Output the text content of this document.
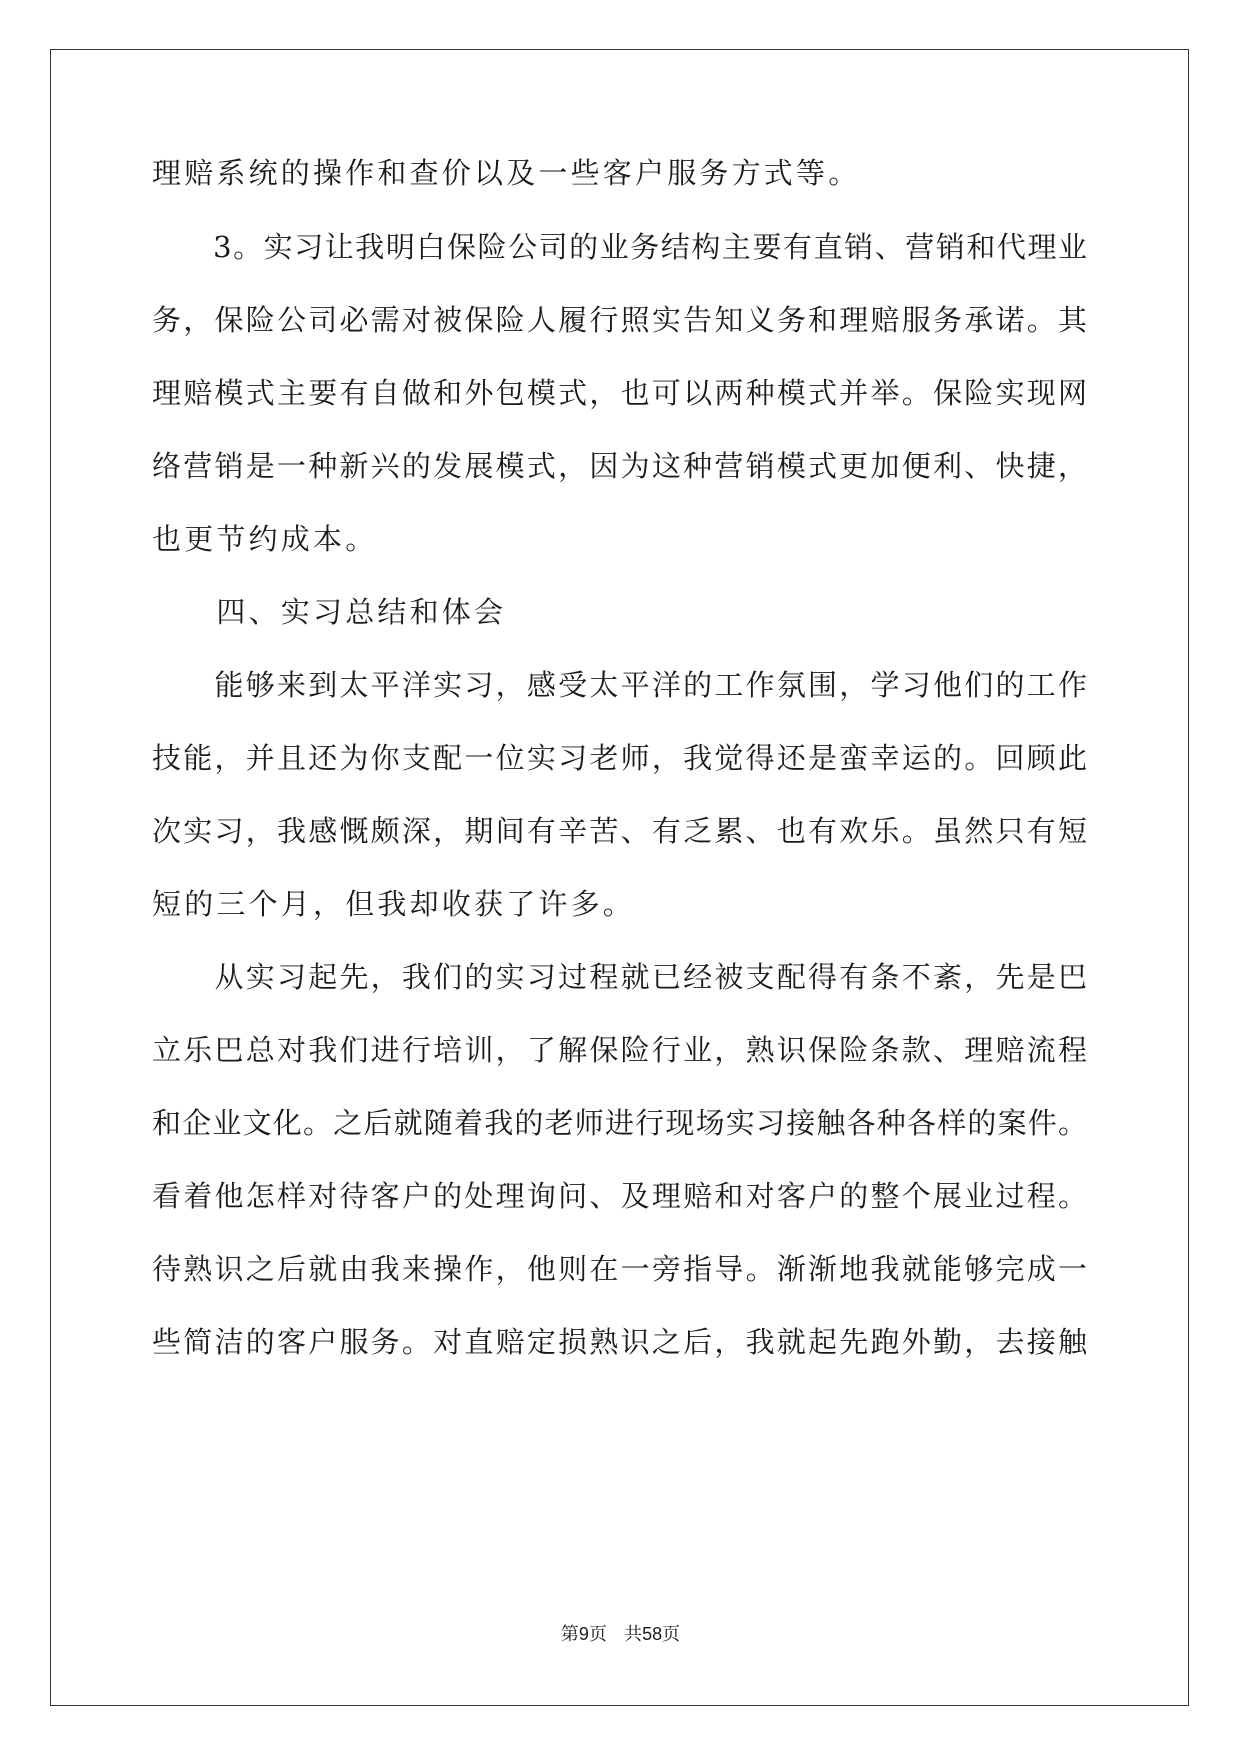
理赔系统的操作和查价以及一些客户服务方式等。
　　3。实习让我明白保险公司的业务结构主要有直销、营销和代理业
务，保险公司必需对被保险人履行照实告知义务和理赔服务承诺。其
理赔模式主要有自做和外包模式，也可以两种模式并举。保险实现网
络营销是一种新兴的发展模式，因为这种营销模式更加便利、快捷，
也更节约成本。
　　四、实习总结和体会
　　能够来到太平洋实习，感受太平洋的工作氛围，学习他们的工作
技能，并且还为你支配一位实习老师，我觉得还是蛮幸运的。回顾此
次实习，我感慨颇深，期间有辛苦、有乏累、也有欢乐。虽然只有短
短的三个月，但我却收获了许多。
　　从实习起先，我们的实习过程就已经被支配得有条不紊，先是巴
立乐巴总对我们进行培训，了解保险行业，熟识保险条款、理赔流程
和企业文化。之后就随着我的老师进行现场实习接触各种各样的案件。
看着他怎样对待客户的处理询问、及理赔和对客户的整个展业过程。
待熟识之后就由我来操作，他则在一旁指导。渐渐地我就能够完成一
些简洁的客户服务。对直赔定损熟识之后，我就起先跑外勤，去接触
第9页 共58页
